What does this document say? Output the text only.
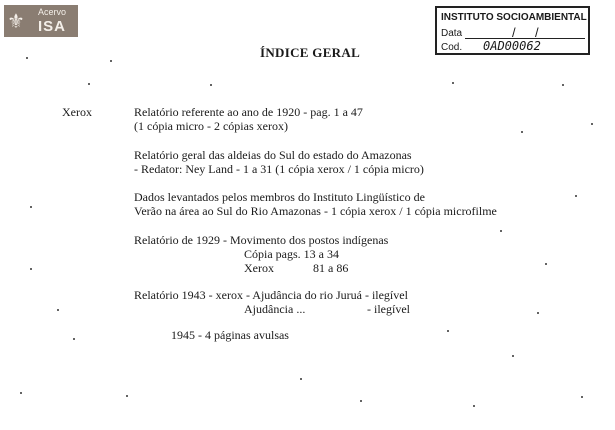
⚜ Acervo
ISA
INSTITUTO SOCIOAMBIENTAL
Data	/ /
Cod. 0AD00062
ÍNDICE GERAL
Xerox	Relatório referente ao ano de 1920 - pag. 1 a 47
(1 cópia micro - 2 cópias xerox)
Relatório geral das aldeias do Sul do estado do Amazonas
- Redator: Ney Land - 1 a 31 (1 cópia xerox / 1 cópia micro)
Dados levantados pelos membros do Instituto Lingüístico de
Verão na área ao Sul do Rio Amazonas - 1 cópia xerox / 1 cópia microfilme
Relatório de 1929 - Movimento dos postos indígenas
Cópia pags. 13 a 34
Xerox	81 a 86
Relatório 1943 - xerox - Ajudância do rio Juruá - ilegível
Ajudância ...	- ilegível
1945 - 4 páginas avulsas
